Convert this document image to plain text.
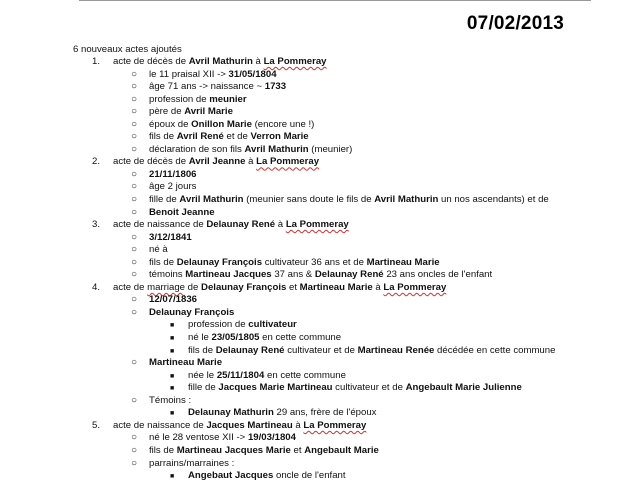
07/02/2013
6 nouveaux actes ajoutés
1. acte de décès de Avril Mathurin à La Pommeray
○ le 11 praisal XII -> 31/05/1804
○ âge 71 ans -> naissance ~ 1733
○ profession de meunier
○ père de Avril Marie
○ époux de Onillon Marie (encore une !)
○ fils de Avril René et de Verron Marie
○ déclaration de son fils Avril Mathurin (meunier)
2. acte de décès de Avril Jeanne à La Pommeray
○ 21/11/1806
○ âge 2 jours
○ fille de Avril Mathurin (meunier sans doute le fils de Avril Mathurin un nos ascendants) et de
○ Benoit Jeanne
3. acte de naissance de Delaunay René à La Pommeray
○ 3/12/1841
○ né à
○ fils de Delaunay François cultivateur 36 ans et de Martineau Marie
○ témoins Martineau Jacques 37 ans & Delaunay René 23 ans oncles de l'enfant
4. acte de marriage de Delaunay François et Martineau Marie à La Pommeray
○ 12/07/1836
○ Delaunay François
■ profession de cultivateur
■ né le 23/05/1805 en cette commune
■ fils de Delaunay René cultivateur et de Martineau Renée décédée en cette commune
○ Martineau Marie
■ née le 25/11/1804 en cette commune
■ fille de Jacques Marie Martineau cultivateur et de Angebault Marie Julienne
○ Témoins :
■ Delaunay Mathurin 29 ans, frère de l'époux
5. acte de naissance de Jacques Martineau à La Pommeray
○ né le 28 ventose XII -> 19/03/1804
○ fils de Martineau Jacques Marie et Angebault Marie
○ parrains/marraines :
■ Angebaut Jacques oncle de l'enfant
